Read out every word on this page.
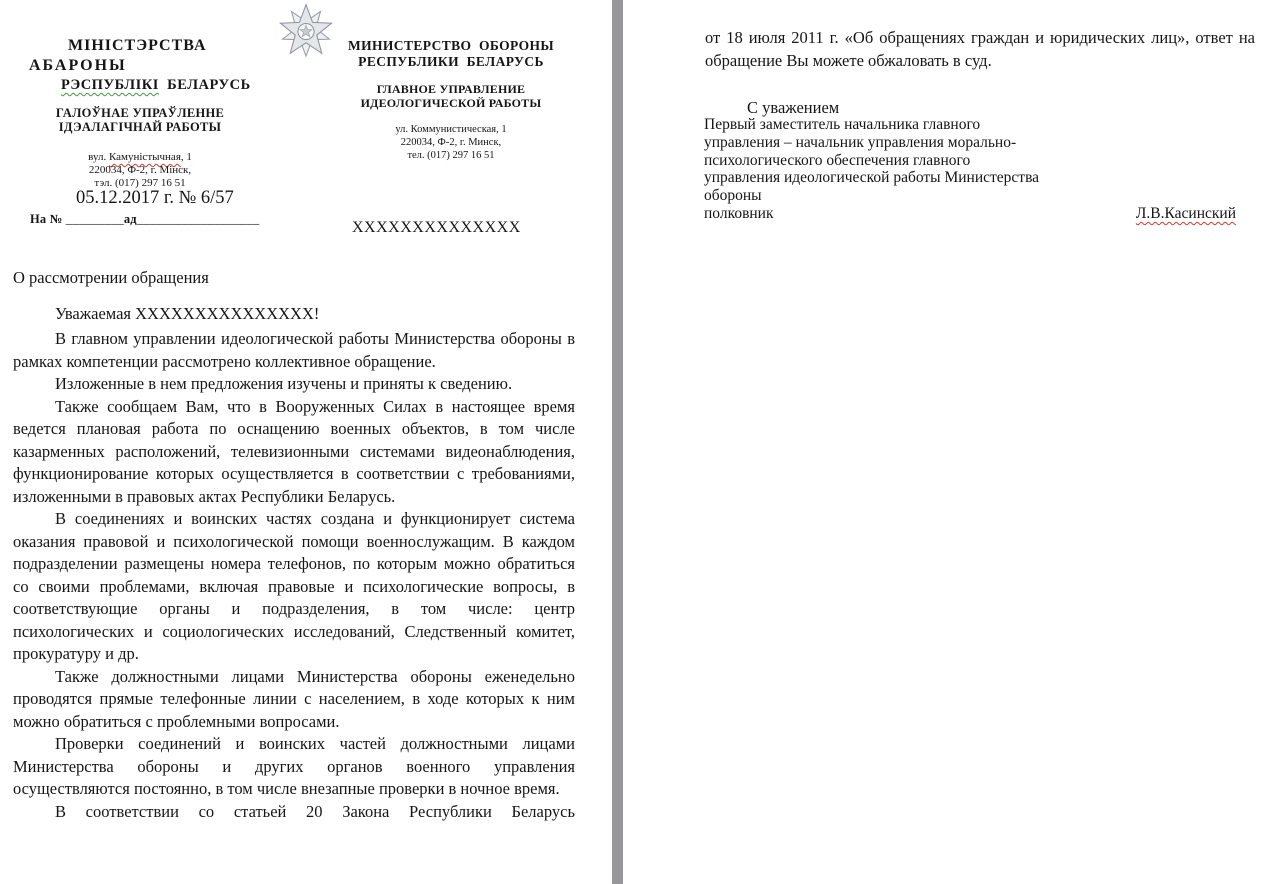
МІНІСТЭРСТВА
АБАРОНЫ
РЭСПУБЛІКІ  БЕЛАРУСЬ
ГАЛОЎНАЕ УПРАЎЛЕННЕ
ІДЭАЛАГІЧНАЙ РАБОТЫ
вул. Камуністычная, 1
220034, Ф-2, г. Мінск,
тэл. (017) 297 16 51
МИНИСТЕРСТВО  ОБОРОНЫ
РЕСПУБЛИКИ  БЕЛАРУСЬ
ГЛАВНОЕ УПРАВЛЕНИЕ
ИДЕОЛОГИЧЕСКОЙ РАБОТЫ
ул. Коммунистическая, 1
220034, Ф-2, г. Минск,
тел. (017) 297 16 51
05.12.2017 г. № 6/57
На № _________ад___________________	ХХХХХХХХХХХХХХ
О рассмотрении обращения
Уважаемая ХХХХХХХХХХХХХХХ!

В главном управлении идеологической работы Министерства обороны в рамках компетенции рассмотрено коллективное обращение.

Изложенные в нем предложения изучены и приняты к сведению.

Также сообщаем Вам, что в Вооруженных Силах в настоящее время ведется плановая работа по оснащению военных объектов, в том числе казарменных расположений, телевизионными системами видеонаблюдения, функционирование которых осуществляется в соответствии с требованиями, изложенными в правовых актах Республики Беларусь.

В соединениях и воинских частях создана и функционирует система оказания правовой и психологической помощи военнослужащим. В каждом подразделении размещены номера телефонов, по которым можно обратиться со своими проблемами, включая правовые и психологические вопросы, в соответствующие органы и подразделения, в том числе: центр психологических и социологических исследований, Следственный комитет, прокуратуру и др.

Также должностными лицами Министерства обороны еженедельно проводятся прямые телефонные линии с населением, в ходе которых к ним можно обратиться с проблемными вопросами.

Проверки соединений и воинских частей должностными лицами Министерства обороны и других органов военного управления осуществляются постоянно, в том числе внезапные проверки в ночное время.

В соответствии со статьей 20 Закона Республики Беларусь

от 18 июля 2011 г. «Об обращениях граждан и юридических лиц», ответ на обращение Вы можете обжаловать в суд.
С уважением
Первый заместитель начальника главного
управления – начальник управления морально-
психологического обеспечения главного
управления идеологической работы Министерства
обороны
полковник	Л.В.Касинский
